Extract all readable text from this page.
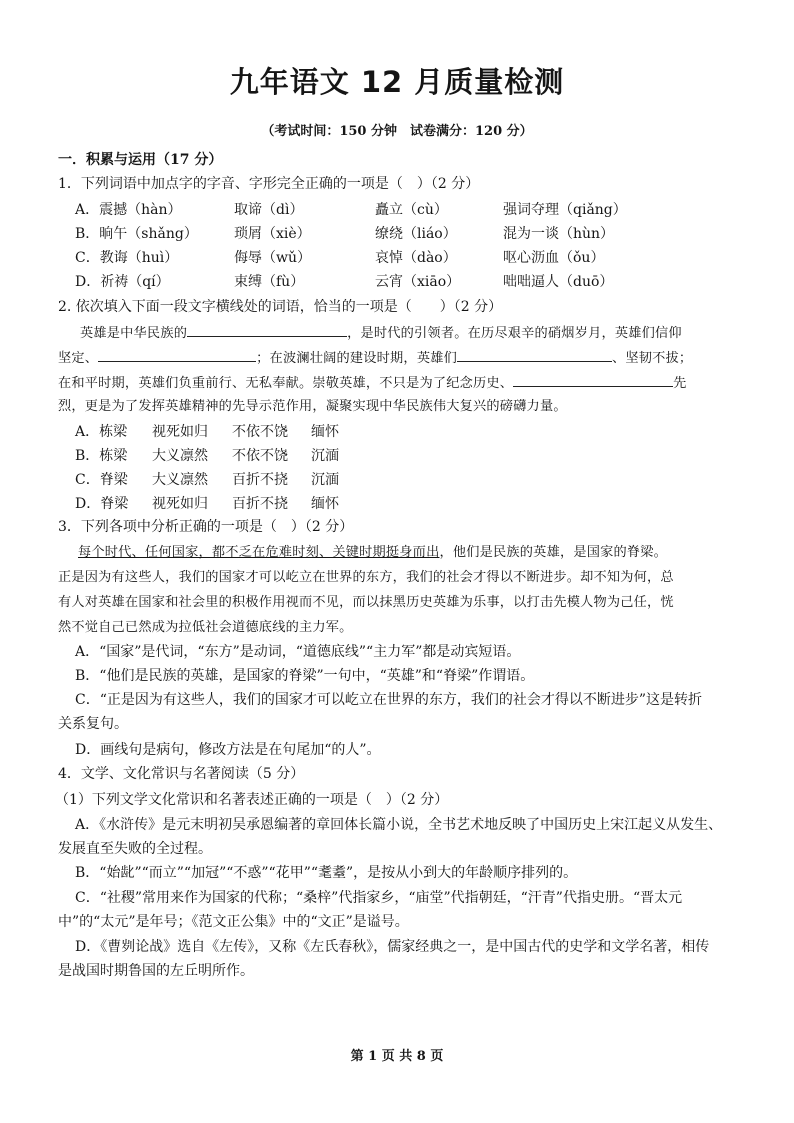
九年语文 12 月质量检测
（考试时间：150 分钟　试卷满分：120 分）
一．积累与运用（17 分）
1．下列词语中加点字的字音、字形完全正确的一项是（　）（2 分）
A．震撼（hàn）	取谛（dì）	矗立（cù）	强词夺理（qiǎng）
B．晌午（shǎng）	琐屑（xiè）	缭绕（liáo）	混为一谈（hùn）
C．教诲（huì）	侮辱（wǔ）	哀悼（dào）	呕心沥血（ǒu）
D．祈祷（qí）	束缚（fù）	云宵（xiāo）	咄咄逼人（duō）
2. 依次填入下面一段文字横线处的词语，恰当的一项是（　　）（2 分）
英雄是中华民族的	，是时代的引领者。在历尽艰辛的硝烟岁月，英雄们信仰
坚定、	；在波澜壮阔的建设时期，英雄们	、坚韧不拔；
在和平时期，英雄们负重前行、无私奉献。崇敬英雄，不只是为了纪念历史、	先
烈，更是为了发挥英雄精神的先导示范作用，凝聚实现中华民族伟大复兴的磅礴力量。
A．栋梁 视死如归 不依不饶 缅怀
B．栋梁 大义凛然 不依不饶 沉湎
C．脊梁 大义凛然 百折不挠 沉湎
D．脊梁 视死如归 百折不挠 缅怀
3．下列各项中分析正确的一项是（　）（2 分）
每个时代、任何国家，都不乏在危难时刻、关键时期挺身而出，他们是民族的英雄，是国家的脊梁。
正是因为有这些人，我们的国家才可以屹立在世界的东方，我们的社会才得以不断进步。却不知为何，总
有人对英雄在国家和社会里的积极作用视而不见，而以抹黑历史英雄为乐事，以打击先模人物为己任，恍
然不觉自己已然成为拉低社会道德底线的主力军。
A．“国家”是代词，“东方”是动词，“道德底线”“主力军”都是动宾短语。
B．“他们是民族的英雄，是国家的脊梁”一句中，“英雄”和“脊梁”作谓语。
C．“正是因为有这些人，我们的国家才可以屹立在世界的东方，我们的社会才得以不断进步”这是转折
关系复句。
D．画线句是病句，修改方法是在句尾加“的人”。
4．文学、文化常识与名著阅读（5 分）
（1）下列文学文化常识和名著表述正确的一项是（　）（2 分）
A．《水浒传》是元末明初吴承恩编著的章回体长篇小说，全书艺术地反映了中国历史上宋江起义从发生、
发展直至失败的全过程。
B．“始龀”“而立”“加冠”“不惑”“花甲”“耄耋”，是按从小到大的年龄顺序排列的。
C．“社稷”常用来作为国家的代称；“桑梓”代指家乡，“庙堂”代指朝廷，“汗青”代指史册。“晋太元
中”的“太元”是年号；《范文正公集》中的“文正”是谥号。
D．《曹刿论战》选自《左传》，又称《左氏春秋》，儒家经典之一，是中国古代的史学和文学名著，相传
是战国时期鲁国的左丘明所作。
第 1 页 共 8 页
